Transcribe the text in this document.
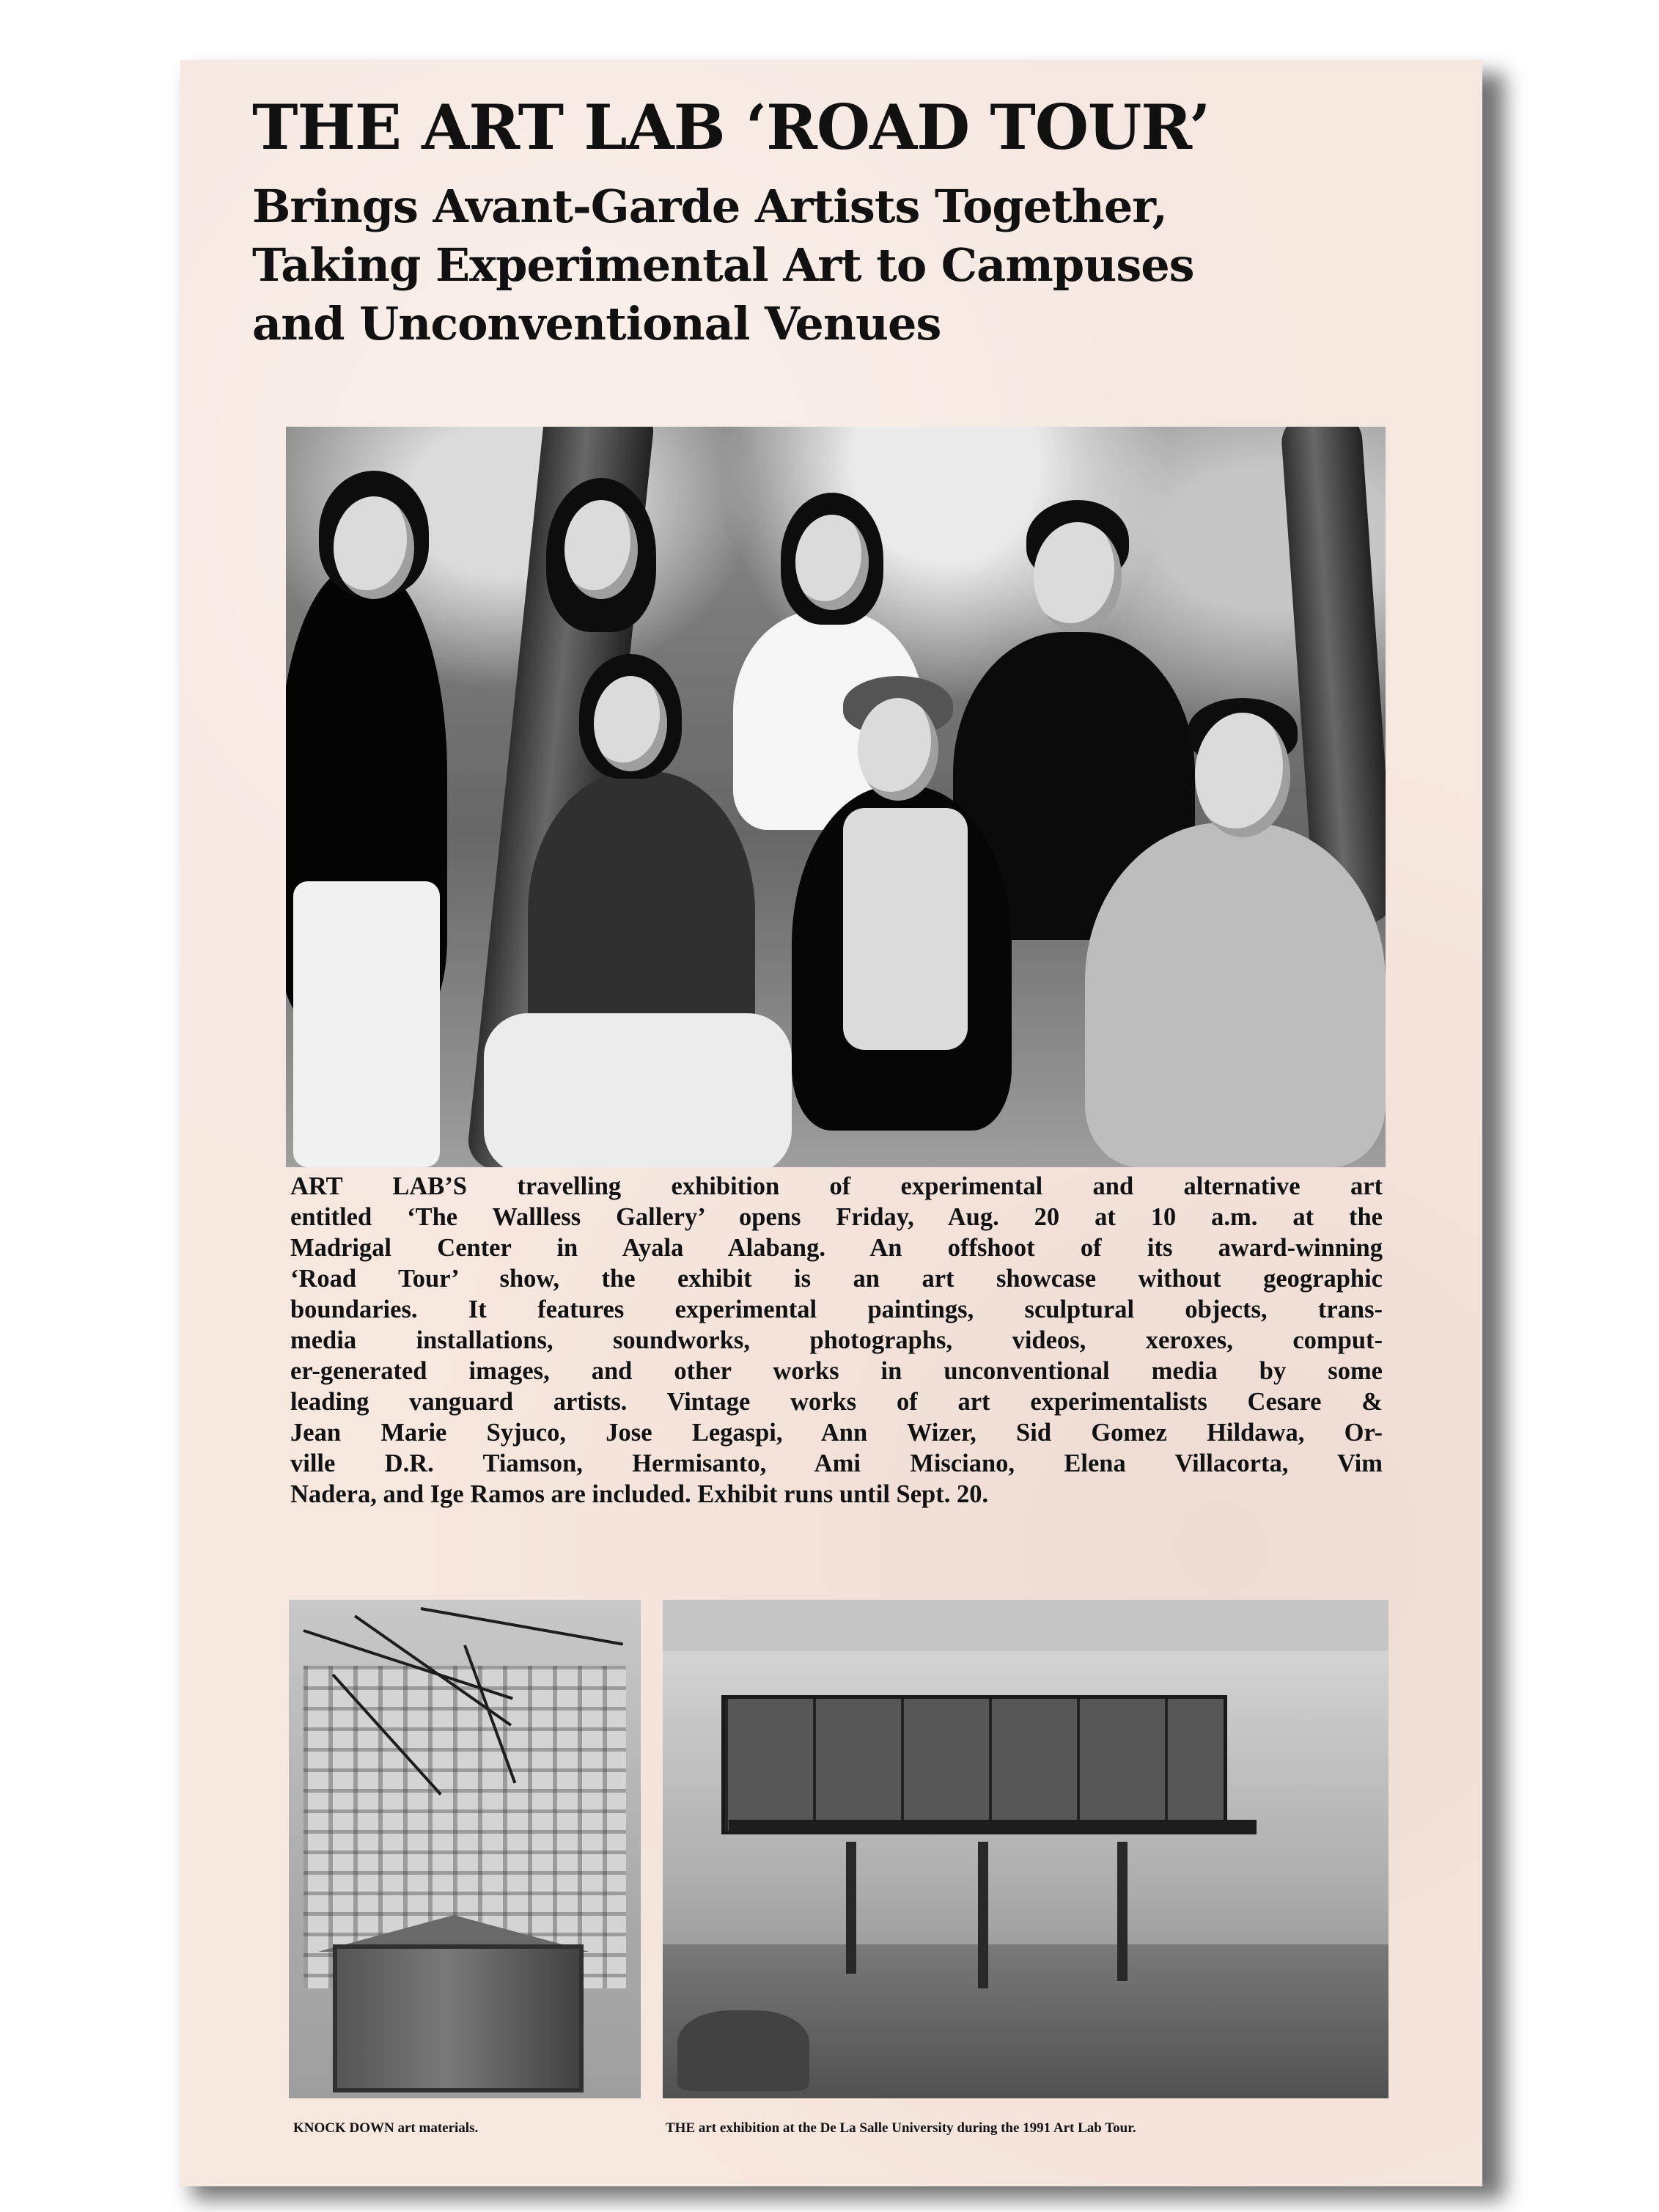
THE ART LAB ‘ROAD TOUR’
Brings Avant-Garde Artists Together,
Taking Experimental Art to Campuses
and Unconventional Venues
ART LAB’S travelling exhibition of experimental and alternative art
entitled ‘The Wallless Gallery’ opens Friday, Aug. 20 at 10 a.m. at the
Madrigal Center in Ayala Alabang. An offshoot of its award-winning
‘Road Tour’ show, the exhibit is an art showcase without geographic
boundaries. It features experimental paintings, sculptural objects, trans-
media installations, soundworks, photographs, videos, xeroxes, comput-
er-generated images, and other works in unconventional media by some
leading vanguard artists. Vintage works of art experimentalists Cesare &
Jean Marie Syjuco, Jose Legaspi, Ann Wizer, Sid Gomez Hildawa, Or-
ville D.R. Tiamson, Hermisanto, Ami Misciano, Elena Villacorta, Vim
Nadera, and Ige Ramos are included. Exhibit runs until Sept. 20.

KNOCK DOWN art materials.	THE art exhibition at the De La Salle University during the 1991 Art Lab Tour.
